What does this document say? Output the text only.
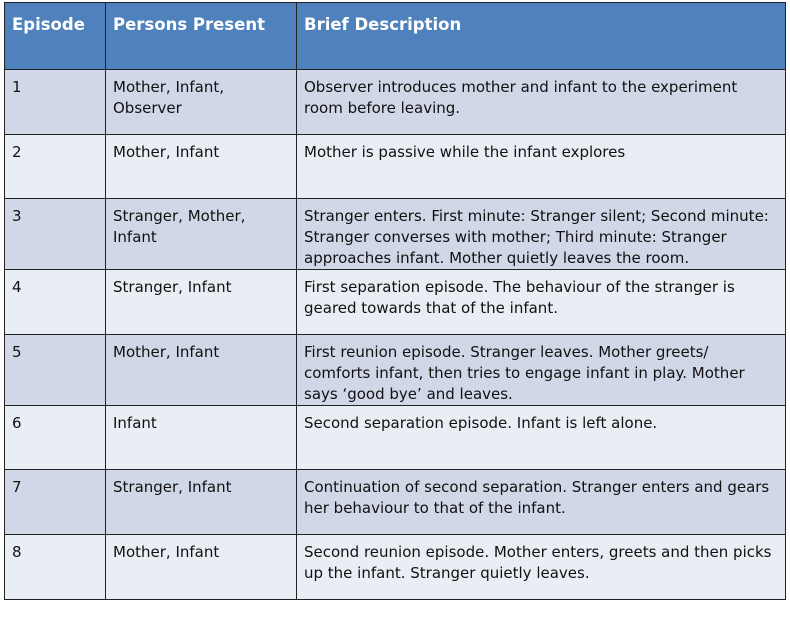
Episode	Persons Present	Brief Description
1	Mother, Infant, Observer	Observer introduces mother and infant to the experiment room before leaving.
2	Mother, Infant	Mother is passive while the infant explores
3	Stranger, Mother, Infant	Stranger enters. First minute: Stranger silent; Second minute: Stranger converses with mother; Third minute: Stranger approaches infant. Mother quietly leaves the room.
4	Stranger, Infant	First separation episode. The behaviour of the stranger is geared towards that of the infant.
5	Mother, Infant	First reunion episode. Stranger leaves. Mother greets/ comforts infant, then tries to engage infant in play. Mother says ‘good bye’ and leaves.
6	Infant	Second separation episode. Infant is left alone.
7	Stranger, Infant	Continuation of second separation. Stranger enters and gears her behaviour to that of the infant.
8	Mother, Infant	Second reunion episode. Mother enters, greets and then picks up the infant. Stranger quietly leaves.
